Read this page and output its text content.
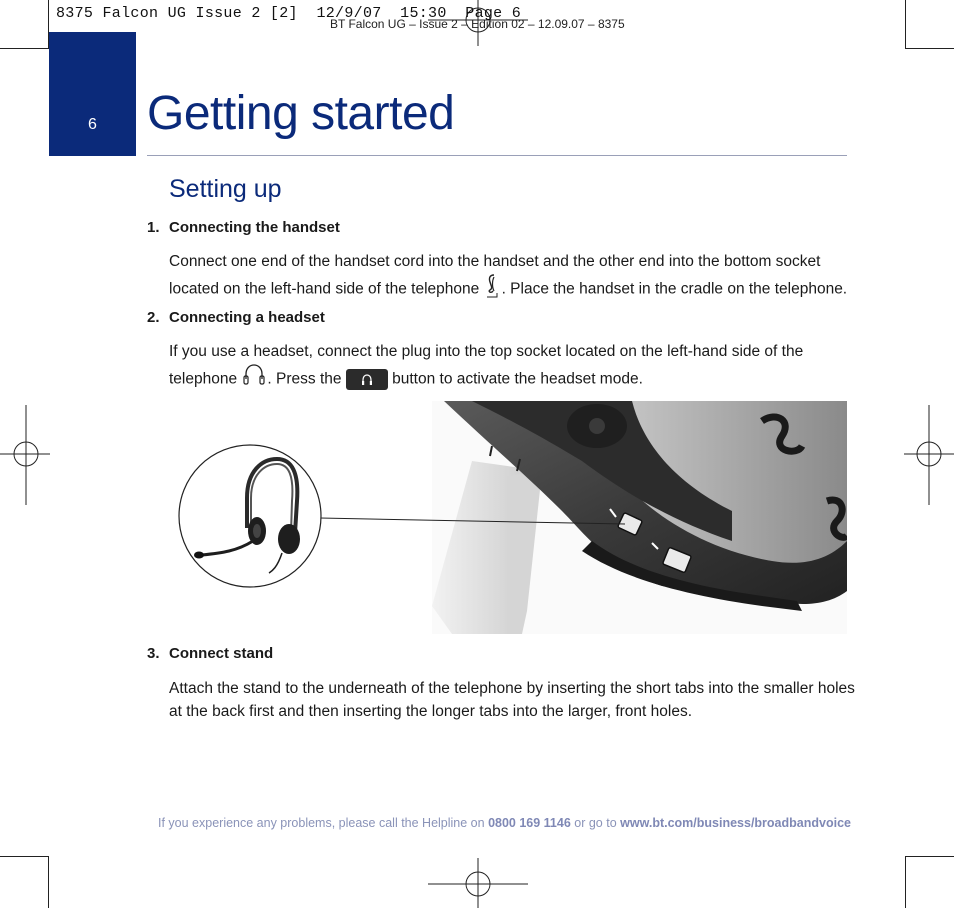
8375 Falcon UG Issue 2 [2]  12/9/07  15:30  Page 6
BT Falcon UG – Issue 2 – Edition 02 – 12.09.07 – 8375
6 Getting started
Setting up
1. Connecting the handset
Connect one end of the handset cord into the handset and the other end into the bottom socket located on the left-hand side of the telephone . Place the handset in the cradle on the telephone.
2. Connecting a headset
If you use a headset, connect the plug into the top socket located on the left-hand side of the telephone . Press the	button to activate the headset mode.
3. Connect stand
Attach the stand to the underneath of the telephone by inserting the short tabs into the smaller holes at the back first and then inserting the longer tabs into the larger, front holes.
If you experience any problems, please call the Helpline on 0800 169 1146 or go to www.bt.com/business/broadbandvoice
